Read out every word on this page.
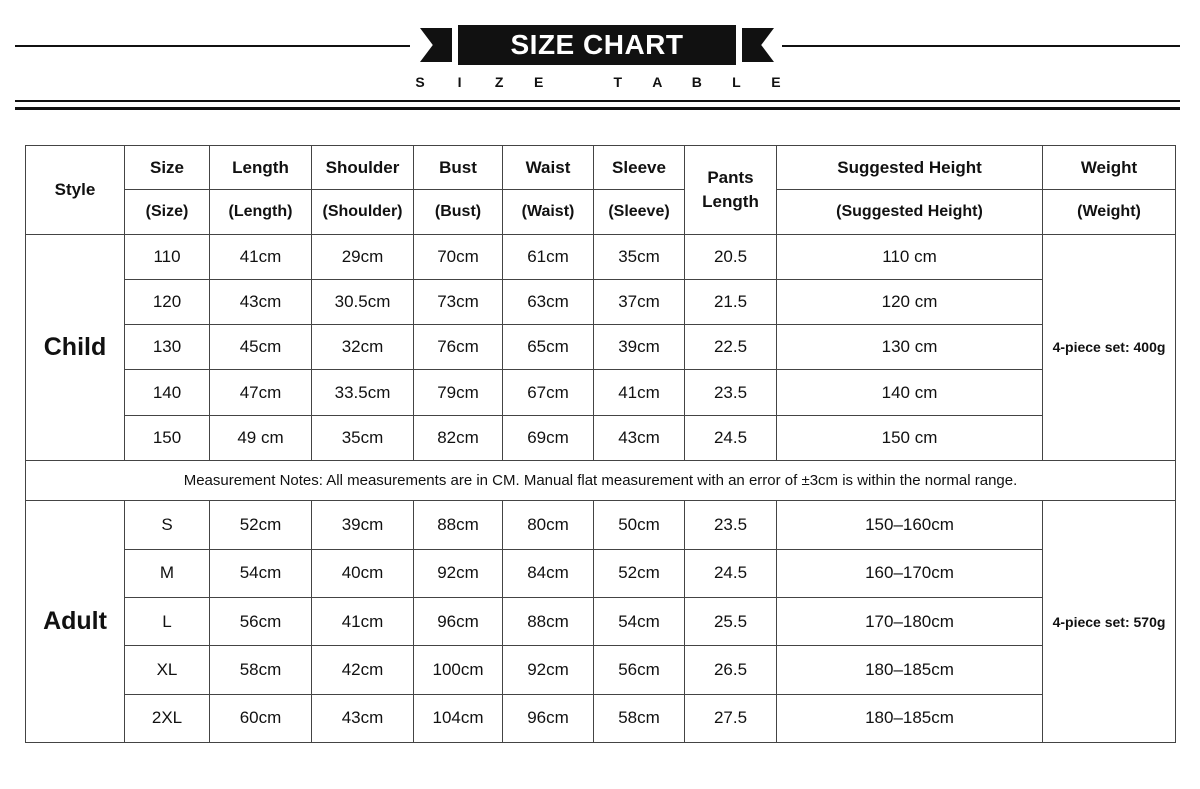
SIZE CHART
S	I	Z E	T A B L E
Style	Size	Length	Shoulder	Bust	Waist	Sleeve	Pants Length	Suggested Height	Weight
	(Size)	(Length)	(Shoulder)	(Bust)	(Waist)	(Sleeve)		(Suggested Height)	(Weight)
Child	110	41cm	29cm	70cm	61cm	35cm	20.5	110 cm	4-piece set: 400g
	120	43cm	30.5cm	73cm	63cm	37cm	21.5	120 cm	
	130	45cm	32cm	76cm	65cm	39cm	22.5	130 cm	
	140	47cm	33.5cm	79cm	67cm	41cm	23.5	140 cm	
	150	49 cm	35cm	82cm	69cm	43cm	24.5	150 cm	
Measurement Notes: All measurements are in CM. Manual flat measurement with an error of ±3cm is within the normal range.									
Adult	S	52cm	39cm	88cm	80cm	50cm	23.5	150–160cm	4-piece set: 570g
	M	54cm	40cm	92cm	84cm	52cm	24.5	160–170cm	
	L	56cm	41cm	96cm	88cm	54cm	25.5	170–180cm	
	XL	58cm	42cm	100cm	92cm	56cm	26.5	180–185cm	
	2XL	60cm	43cm	104cm	96cm	58cm	27.5	180–185cm	
